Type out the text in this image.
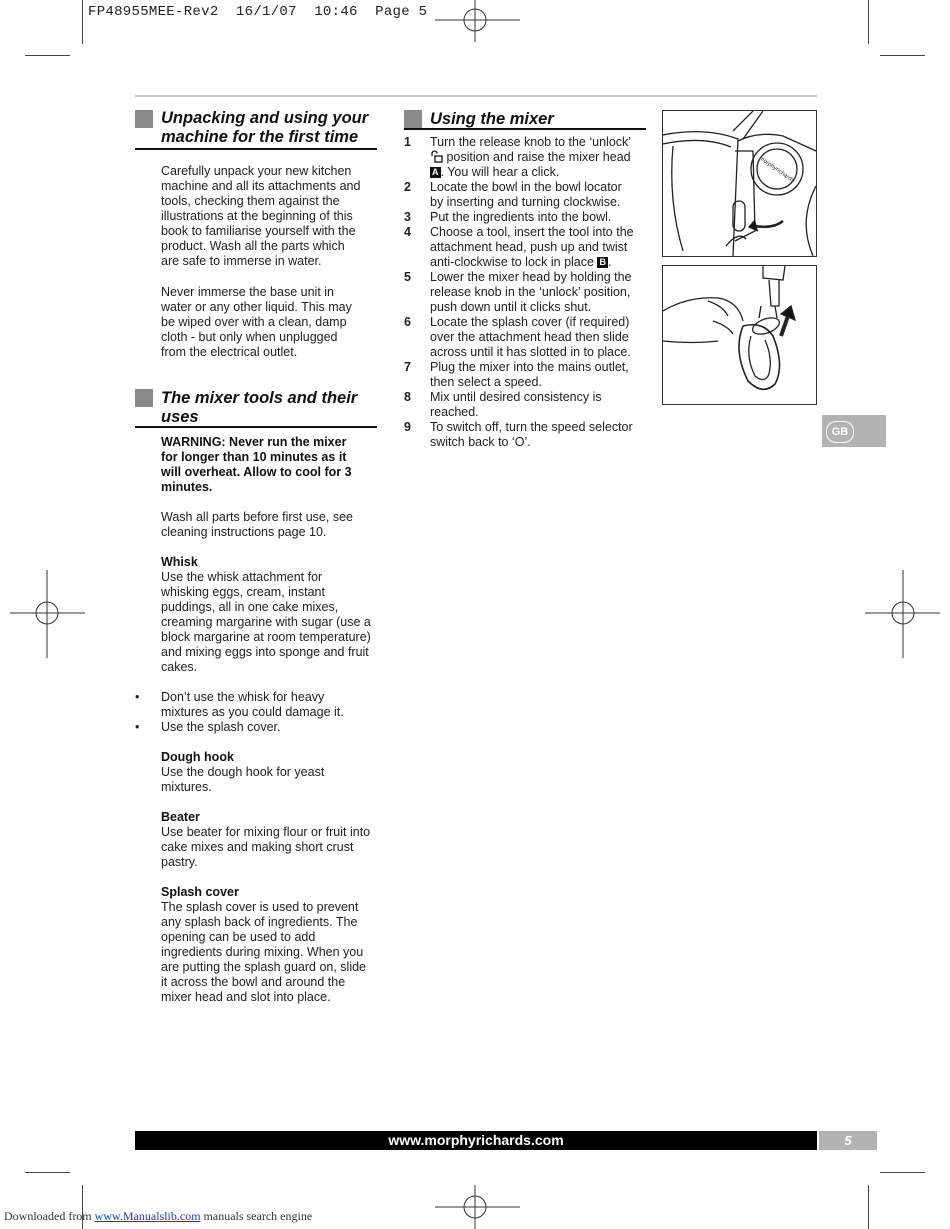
FP48955MEE-Rev2  16/1/07  10:46  Page 5
Unpacking and using your
machine for the first time
Carefully unpack your new kitchen
machine and all its attachments and
tools, checking them against the
illustrations at the beginning of this
book to familiarise yourself with the
product. Wash all the parts which
are safe to immerse in water.
Never immerse the base unit in
water or any other liquid. This may
be wiped over with a clean, damp
cloth - but only when unplugged
from the electrical outlet.
The mixer tools and their
uses
WARNING: Never run the mixer
for longer than 10 minutes as it
will overheat. Allow to cool for 3
minutes.
Wash all parts before first use, see
cleaning instructions page 10.
Whisk
Use the whisk attachment for
whisking eggs, cream, instant
puddings, all in one cake mixes,
creaming margarine with sugar (use a
block margarine at room temperature)
and mixing eggs into sponge and fruit
cakes.
• Don’t use the whisk for heavy
mixtures as you could damage it.
• Use the splash cover.
Dough hook
Use the dough hook for yeast
mixtures.
Beater
Use beater for mixing flour or fruit into
cake mixes and making short crust
pastry.
Splash cover
The splash cover is used to prevent
any splash back of ingredients. The
opening can be used to add
ingredients during mixing. When you
are putting the splash guard on, slide
it across the bowl and around the
mixer head and slot into place.
Using the mixer
1	Turn the release knob to the ‘unlock’
position and raise the mixer head
A . You will hear a click.
2	Locate the bowl in the bowl locator
by inserting and turning clockwise.
3	Put the ingredients into the bowl.
4	Choose a tool, insert the tool into the
attachment head, push up and twist
anti-clockwise to lock in place B .
5	Lower the mixer head by holding the
release knob in the ‘unlock’ position,
push down until it clicks shut.
6	Locate the splash cover (if required)
over the attachment head then slide
across until it has slotted in to place.
7	Plug the mixer into the mains outlet,
then select a speed.
8	Mix until desired consistency is
reached.
9	To switch off, turn the speed selector
switch back to ‘O’.
morphyrichards
GB
www.morphyrichards.com	5
Downloaded from www.Manualslib.com manuals search engine
